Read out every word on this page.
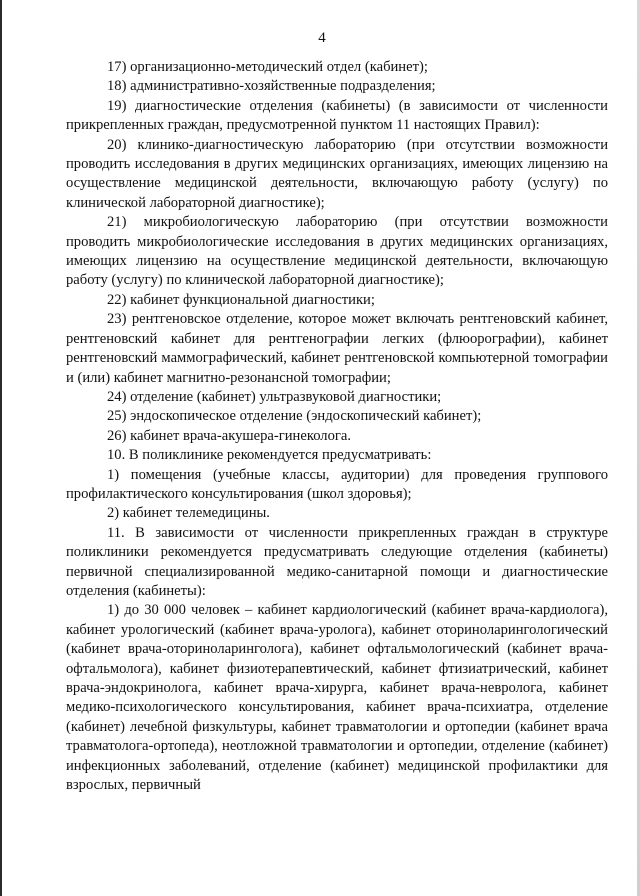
4

17) организационно-методический отдел (кабинет);

18) административно-хозяйственные подразделения;

19) диагностические отделения (кабинеты) (в зависимости от численности прикрепленных граждан, предусмотренной пунктом 11 настоящих Правил):

20) клинико-диагностическую лабораторию (при отсутствии возможности проводить исследования в других медицинских организациях, имеющих лицензию на осуществление медицинской деятельности, включающую работу (услугу) по клинической лабораторной диагностике);

21) микробиологическую лабораторию (при отсутствии возможности проводить микробиологические исследования в других медицинских организациях, имеющих лицензию на осуществление медицинской деятельности, включающую работу (услугу) по клинической лабораторной диагностике);

22) кабинет функциональной диагностики;

23) рентгеновское отделение, которое может включать рентгеновский кабинет, рентгеновский кабинет для рентгенографии легких (флюорографии), кабинет рентгеновский маммографический, кабинет рентгеновской компьютерной томографии и (или) кабинет магнитно-резонансной томографии;

24) отделение (кабинет) ультразвуковой диагностики;

25) эндоскопическое отделение (эндоскопический кабинет);

26) кабинет врача-акушера-гинеколога.

10. В поликлинике рекомендуется предусматривать:

1) помещения (учебные классы, аудитории) для проведения группового профилактического консультирования (школ здоровья);

2) кабинет телемедицины.

11. В зависимости от численности прикрепленных граждан в структуре поликлиники рекомендуется предусматривать следующие отделения (кабинеты) первичной специализированной медико-санитарной помощи и диагностические отделения (кабинеты):

1) до 30 000 человек – кабинет кардиологический (кабинет врача-кардиолога), кабинет урологический (кабинет врача-уролога), кабинет оториноларингологический (кабинет врача-оториноларинголога), кабинет офтальмологический (кабинет врача-офтальмолога), кабинет физиотерапевтический, кабинет фтизиатрический, кабинет врача-эндокринолога, кабинет врача-хирурга, кабинет врача-невролога, кабинет медико-психологического консультирования, кабинет врача-психиатра, отделение (кабинет) лечебной физкультуры, кабинет травматологии и ортопедии (кабинет врача травматолога-ортопеда), неотложной травматологии и ортопедии, отделение (кабинет) инфекционных заболеваний, отделение (кабинет) медицинской профилактики для взрослых, первичный
